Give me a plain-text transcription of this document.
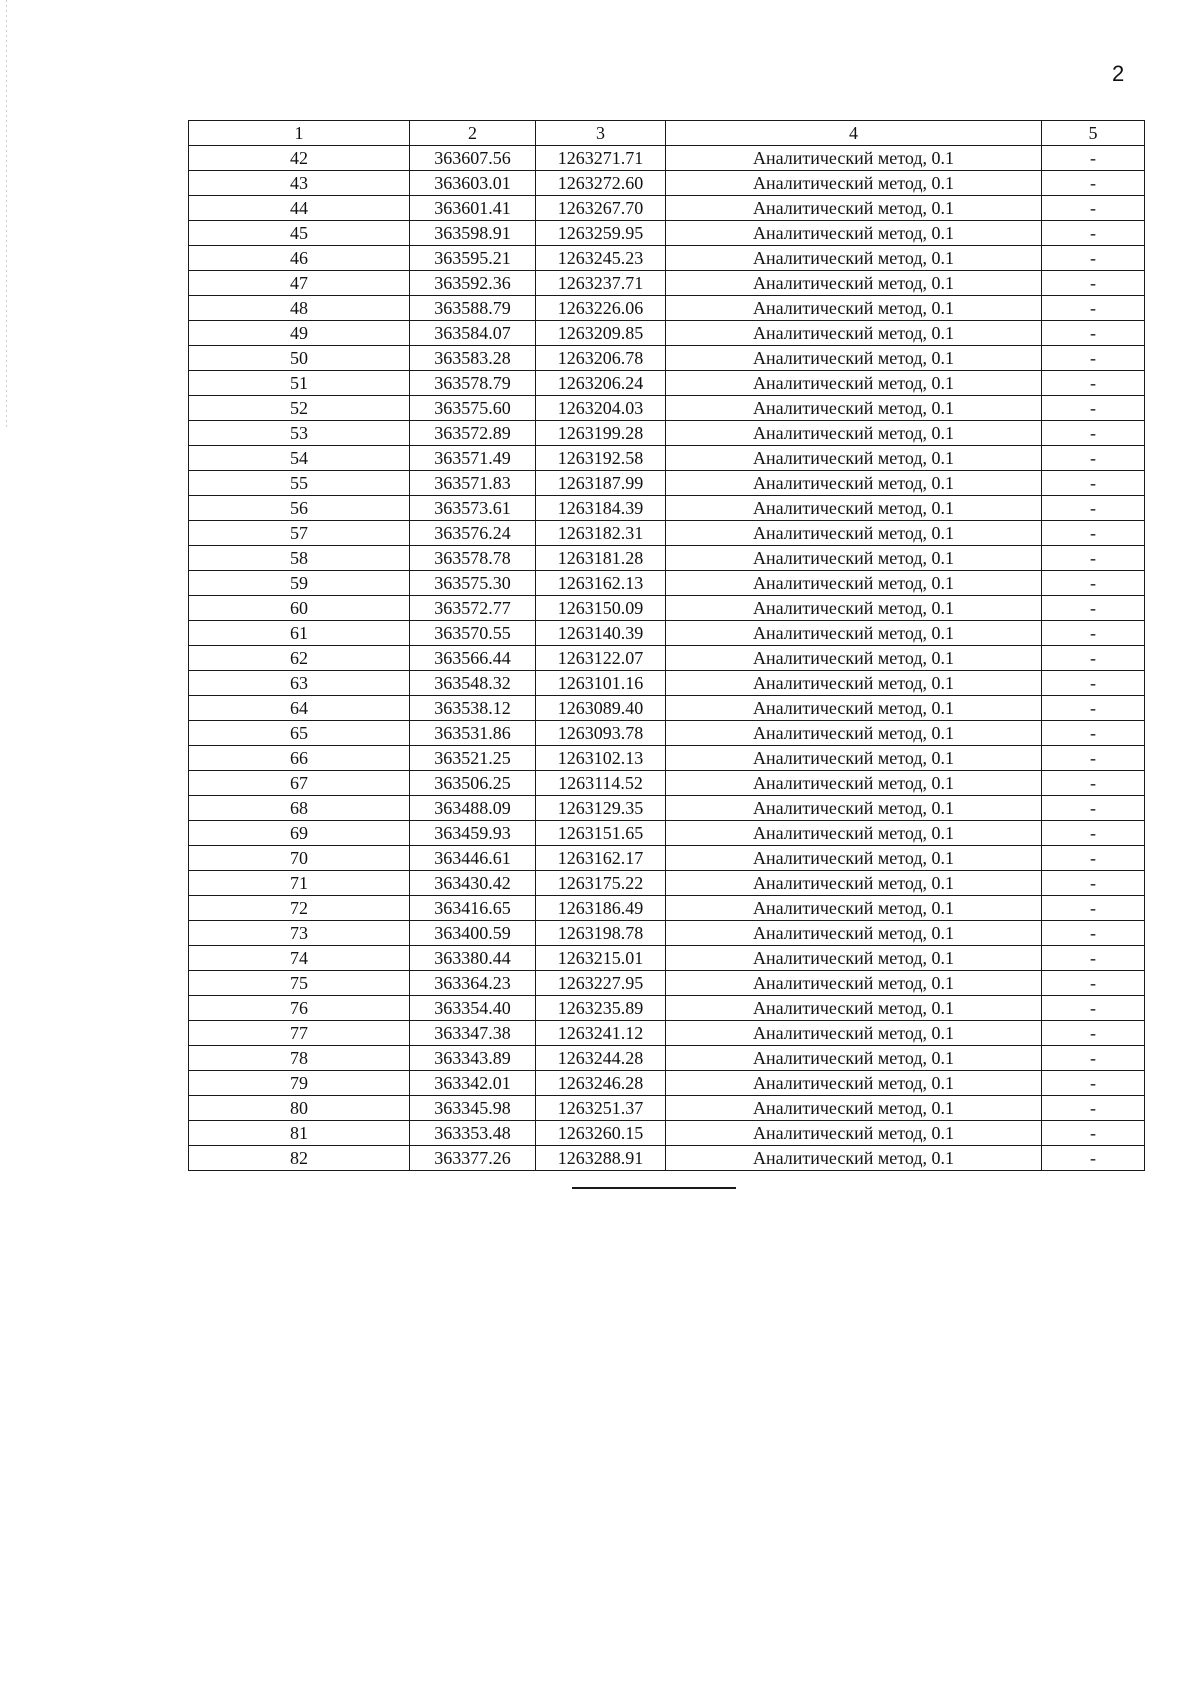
2
1	2	3	4	5
42	363607.56	1263271.71	Аналитический метод, 0.1	-
43	363603.01	1263272.60	Аналитический метод, 0.1	-
44	363601.41	1263267.70	Аналитический метод, 0.1	-
45	363598.91	1263259.95	Аналитический метод, 0.1	-
46	363595.21	1263245.23	Аналитический метод, 0.1	-
47	363592.36	1263237.71	Аналитический метод, 0.1	-
48	363588.79	1263226.06	Аналитический метод, 0.1	-
49	363584.07	1263209.85	Аналитический метод, 0.1	-
50	363583.28	1263206.78	Аналитический метод, 0.1	-
51	363578.79	1263206.24	Аналитический метод, 0.1	-
52	363575.60	1263204.03	Аналитический метод, 0.1	-
53	363572.89	1263199.28	Аналитический метод, 0.1	-
54	363571.49	1263192.58	Аналитический метод, 0.1	-
55	363571.83	1263187.99	Аналитический метод, 0.1	-
56	363573.61	1263184.39	Аналитический метод, 0.1	-
57	363576.24	1263182.31	Аналитический метод, 0.1	-
58	363578.78	1263181.28	Аналитический метод, 0.1	-
59	363575.30	1263162.13	Аналитический метод, 0.1	-
60	363572.77	1263150.09	Аналитический метод, 0.1	-
61	363570.55	1263140.39	Аналитический метод, 0.1	-
62	363566.44	1263122.07	Аналитический метод, 0.1	-
63	363548.32	1263101.16	Аналитический метод, 0.1	-
64	363538.12	1263089.40	Аналитический метод, 0.1	-
65	363531.86	1263093.78	Аналитический метод, 0.1	-
66	363521.25	1263102.13	Аналитический метод, 0.1	-
67	363506.25	1263114.52	Аналитический метод, 0.1	-
68	363488.09	1263129.35	Аналитический метод, 0.1	-
69	363459.93	1263151.65	Аналитический метод, 0.1	-
70	363446.61	1263162.17	Аналитический метод, 0.1	-
71	363430.42	1263175.22	Аналитический метод, 0.1	-
72	363416.65	1263186.49	Аналитический метод, 0.1	-
73	363400.59	1263198.78	Аналитический метод, 0.1	-
74	363380.44	1263215.01	Аналитический метод, 0.1	-
75	363364.23	1263227.95	Аналитический метод, 0.1	-
76	363354.40	1263235.89	Аналитический метод, 0.1	-
77	363347.38	1263241.12	Аналитический метод, 0.1	-
78	363343.89	1263244.28	Аналитический метод, 0.1	-
79	363342.01	1263246.28	Аналитический метод, 0.1	-
80	363345.98	1263251.37	Аналитический метод, 0.1	-
81	363353.48	1263260.15	Аналитический метод, 0.1	-
82	363377.26	1263288.91	Аналитический метод, 0.1	-
